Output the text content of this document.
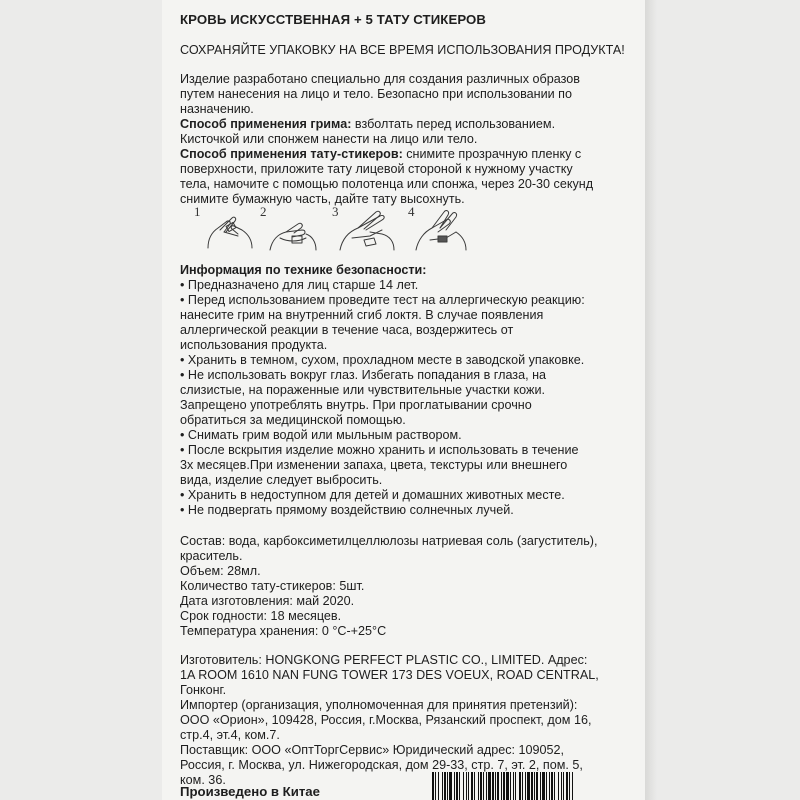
КРОВЬ ИСКУССТВЕННАЯ + 5 ТАТУ СТИКЕРОВ
СОХРАНЯЙТЕ УПАКОВКУ НА ВСЕ ВРЕМЯ ИСПОЛЬЗОВАНИЯ ПРОДУКТА!
Изделие разработано специально для создания различных образов
путем нанесения на лицо и тело. Безопасно при использовании по
назначению.
Способ применения грима: взболтать перед использованием.
Кисточкой или спонжем нанести на лицо или тело.
Способ применения тату-стикеров: снимите прозрачную пленку с
поверхности, приложите тату лицевой стороной к нужному участку
тела, намочите с помощью полотенца или спонжа, через 20-30 секунд
снимите бумажную часть, дайте тату высохнуть.
1	2	3	4
Информация по технике безопасности:
• Предназначено для лиц старше 14 лет.
• Перед использованием проведите тест на аллергическую реакцию:
нанесите грим на внутренний сгиб локтя. В случае появления
аллергической реакции в течение часа, воздержитесь от
использования продукта.
• Хранить в темном, сухом, прохладном месте в заводской упаковке.
• Не использовать вокруг глаз. Избегать попадания в глаза, на
слизистые, на пораженные или чувствительные участки кожи.
Запрещено употреблять внутрь. При проглатывании срочно
обратиться за медицинской помощью.
• Снимать грим водой или мыльным раствором.
• После вскрытия изделие можно хранить и использовать в течение
3х месяцев.При изменении запаха, цвета, текстуры или внешнего
вида, изделие следует выбросить.
• Хранить в недоступном для детей и домашних животных месте.
• Не подвергать прямому воздействию солнечных лучей.
Состав: вода, карбоксиметилцеллюлозы натриевая соль (загуститель),
краситель.
Объем: 28мл.
Количество тату-стикеров: 5шт.
Дата изготовления: май 2020.
Срок годности: 18 месяцев.
Температура хранения: 0 °С-+25°С
Изготовитель: HONGKONG PERFECT PLASTIC CO., LIMITED. Адрес:
1A ROOM 1610 NAN FUNG TOWER 173 DES VOEUX, ROAD CENTRAL,
Гонконг.
Импортер (организация, уполномоченная для принятия претензий):
ООО «Орион», 109428, Россия, г.Москва, Рязанский проспект, дом 16,
стр.4, эт.4, ком.7.
Поставщик: ООО «ОптТоргСервис» Юридический адрес: 109052,
Россия, г. Москва, ул. Нижегородская, дом 29-33, стр. 7, эт. 2, пом. 5,
ком. 36.
Произведено в Китае
